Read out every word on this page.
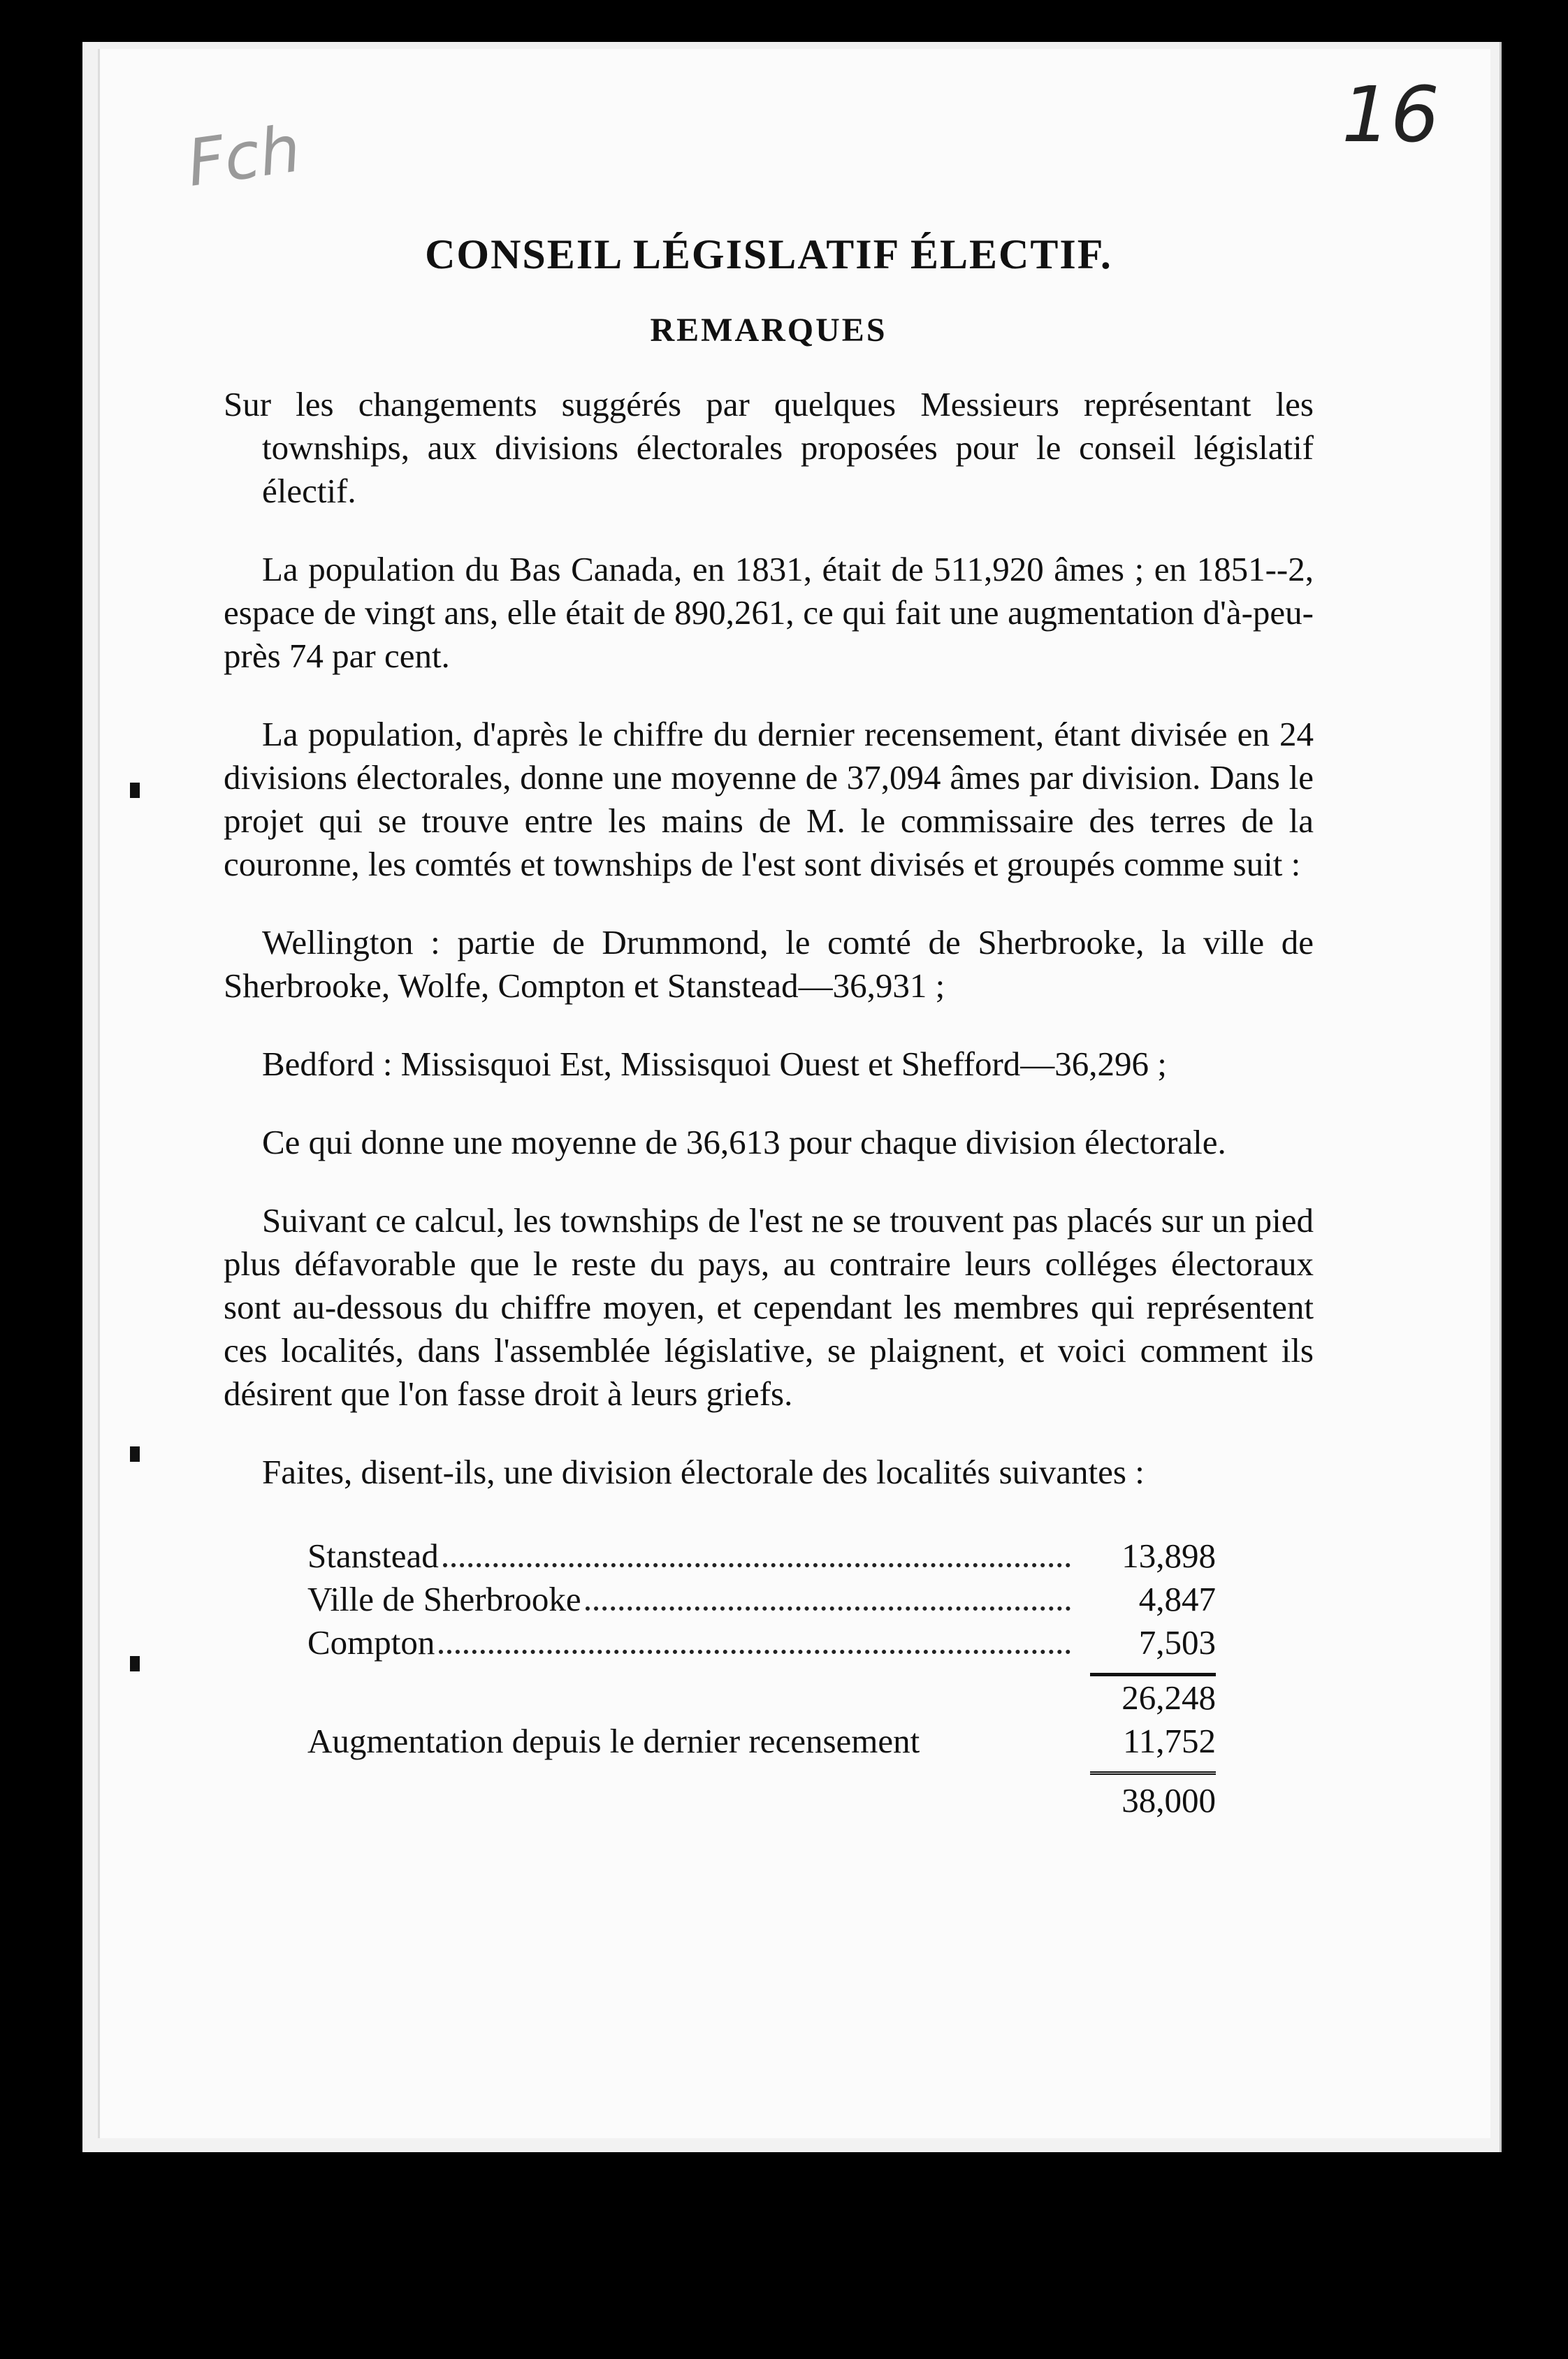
Fch	16
CONSEIL LÉGISLATIF ÉLECTIF.
REMARQUES

Sur les changements suggérés par quelques Messieurs représentant les townships, aux divisions électorales proposées pour le conseil législatif électif.

La population du Bas Canada, en 1831, était de 511,920 âmes ; en 1851--2, espace de vingt ans, elle était de 890,261, ce qui fait une augmentation d'à-peu-près 74 par cent.

La population, d'après le chiffre du dernier recensement, étant divisée en 24 divisions électorales, donne une moyenne de 37,094 âmes par division. Dans le projet qui se trouve entre les mains de M. le commissaire des terres de la couronne, les comtés et townships de l'est sont divisés et groupés comme suit :

Wellington : partie de Drummond, le comté de Sherbrooke, la ville de Sherbrooke, Wolfe, Compton et Stanstead—36,931 ;

Bedford : Missisquoi Est, Missisquoi Ouest et Shefford—36,296 ;

Ce qui donne une moyenne de 36,613 pour chaque division électorale.

Suivant ce calcul, les townships de l'est ne se trouvent pas placés sur un pied plus défavorable que le reste du pays, au contraire leurs colléges électoraux sont au-dessous du chiffre moyen, et cependant les membres qui représentent ces localités, dans l'assemblée législative, se plaignent, et voici comment ils désirent que l'on fasse droit à leurs griefs.

Faites, disent-ils, une division électorale des localités suivantes :

Stanstead	13,898

Ville de Sherbrooke	4,847

Compton	7,503

	26,248
Augmentation depuis le dernier recensement	11,752

	38,000
